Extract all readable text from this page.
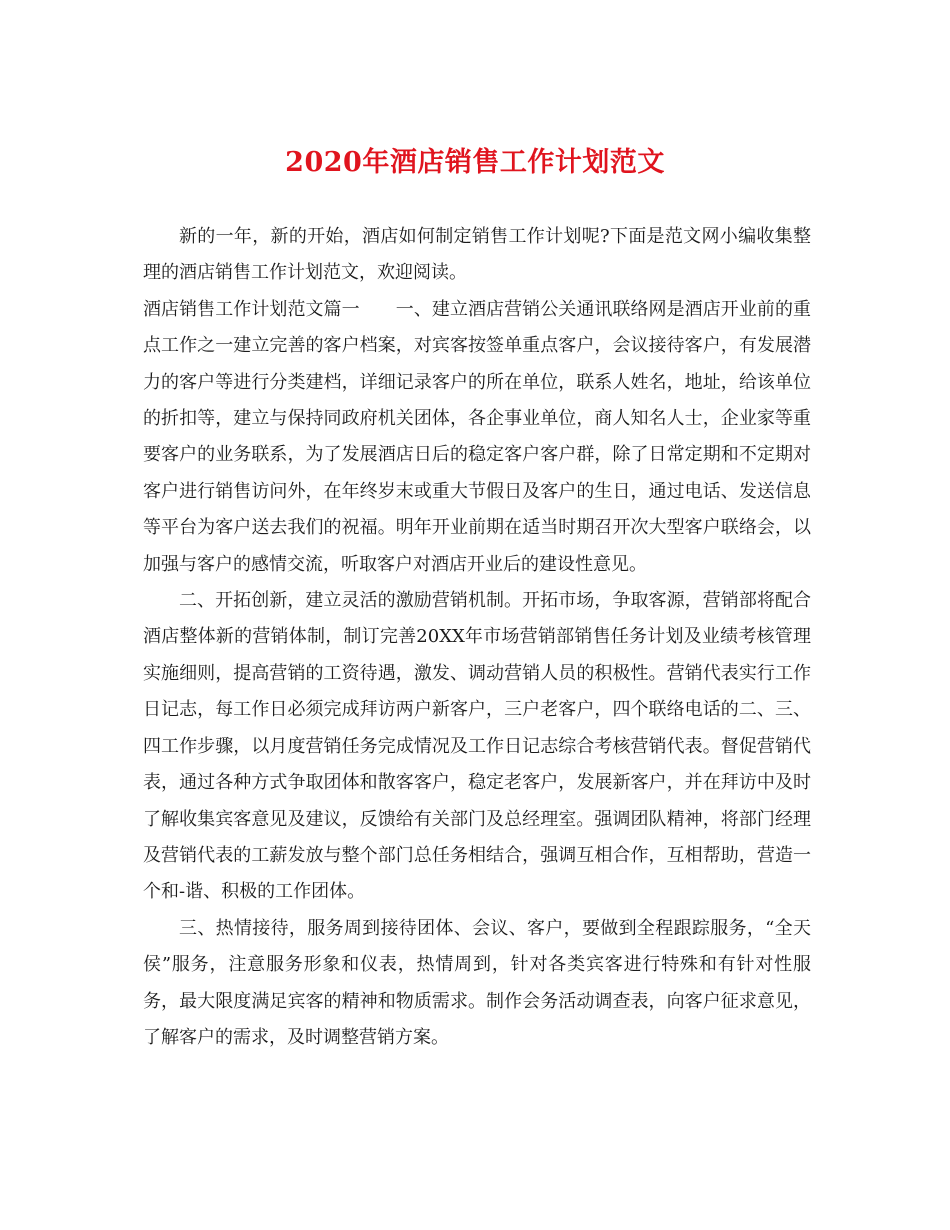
2020年酒店销售工作计划范文

新的一年，新的开始，酒店如何制定销售工作计划呢?下面是范文网小编收集整理的酒店销售工作计划范文，欢迎阅读。

酒店销售工作计划范文篇一　　一、建立酒店营销公关通讯联络网是酒店开业前的重点工作之一建立完善的客户档案，对宾客按签单重点客户，会议接待客户，有发展潜力的客户等进行分类建档，详细记录客户的所在单位，联系人姓名，地址，给该单位的折扣等，建立与保持同政府机关团体，各企事业单位，商人知名人士，企业家等重要客户的业务联系，为了发展酒店日后的稳定客户客户群，除了日常定期和不定期对客户进行销售访问外，在年终岁末或重大节假日及客户的生日，通过电话、发送信息等平台为客户送去我们的祝福。明年开业前期在适当时期召开次大型客户联络会，以加强与客户的感情交流，听取客户对酒店开业后的建设性意见。

二、开拓创新，建立灵活的激励营销机制。开拓市场，争取客源，营销部将配合酒店整体新的营销体制，制订完善20XX年市场营销部销售任务计划及业绩考核管理实施细则，提高营销的工资待遇，激发、调动营销人员的积极性。营销代表实行工作日记志，每工作日必须完成拜访两户新客户，三户老客户，四个联络电话的二、三、四工作步骤，以月度营销任务完成情况及工作日记志综合考核营销代表。督促营销代表，通过各种方式争取团体和散客客户，稳定老客户，发展新客户，并在拜访中及时了解收集宾客意见及建议，反馈给有关部门及总经理室。强调团队精神，将部门经理及营销代表的工薪发放与整个部门总任务相结合，强调互相合作，互相帮助，营造一个和-谐、积极的工作团体。

三、热情接待，服务周到接待团体、会议、客户，要做到全程跟踪服务，“全天侯”服务，注意服务形象和仪表，热情周到，针对各类宾客进行特殊和有针对性服务，最大限度满足宾客的精神和物质需求。制作会务活动调查表，向客户征求意见，了解客户的需求，及时调整营销方案。
